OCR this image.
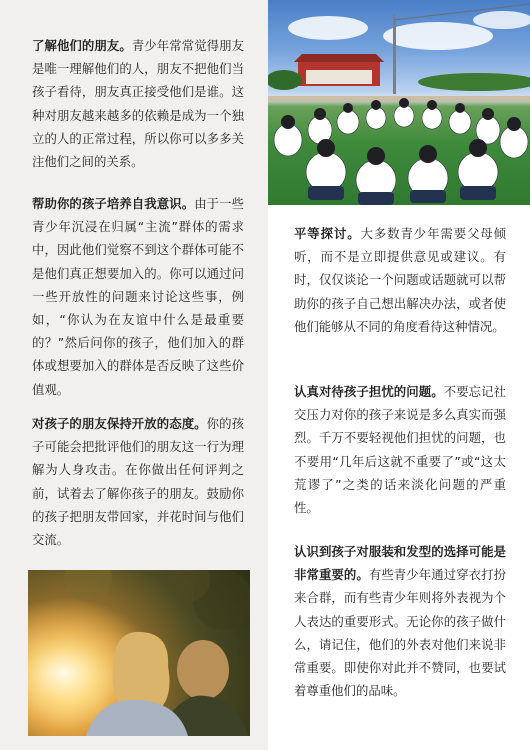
了解他们的朋友。青少年常常觉得朋友是唯一理解他们的人，朋友不把他们当孩子看待，朋友真正接受他们是谁。这种对朋友越来越多的依赖是成为一个独立的人的正常过程，所以你可以多多关注他们之间的关系。
帮助你的孩子培养自我意识。由于一些青少年沉浸在归属“主流”群体的需求中，因此他们觉察不到这个群体可能不是他们真正想要加入的。你可以通过问一些开放性的问题来讨论这些事，例如，“你认为在友谊中什么是最重要的？”然后问你的孩子，他们加入的群体或想要加入的群体是否反映了这些价值观。
对孩子的朋友保持开放的态度。你的孩子可能会把批评他们的朋友这一行为理解为人身攻击。在你做出任何评判之前，试着去了解你孩子的朋友。鼓励你的孩子把朋友带回家，并花时间与他们交流。
平等探讨。大多数青少年需要父母倾听，而不是立即提供意见或建议。有时，仅仅谈论一个问题或话题就可以帮助你的孩子自己想出解决办法，或者使他们能够从不同的角度看待这种情况。
认真对待孩子担忧的问题。不要忘记社交压力对你的孩子来说是多么真实而强烈。千万不要轻视他们担忧的问题，也不要用“几年后这就不重要了”或“这太荒谬了”之类的话来淡化问题的严重性。
认识到孩子对服装和发型的选择可能是非常重要的。有些青少年通过穿衣打扮来合群，而有些青少年则将外表视为个人表达的重要形式。无论你的孩子做什么，请记住，他们的外表对他们来说非常重要。即使你对此并不赞同，也要试着尊重他们的品味。
